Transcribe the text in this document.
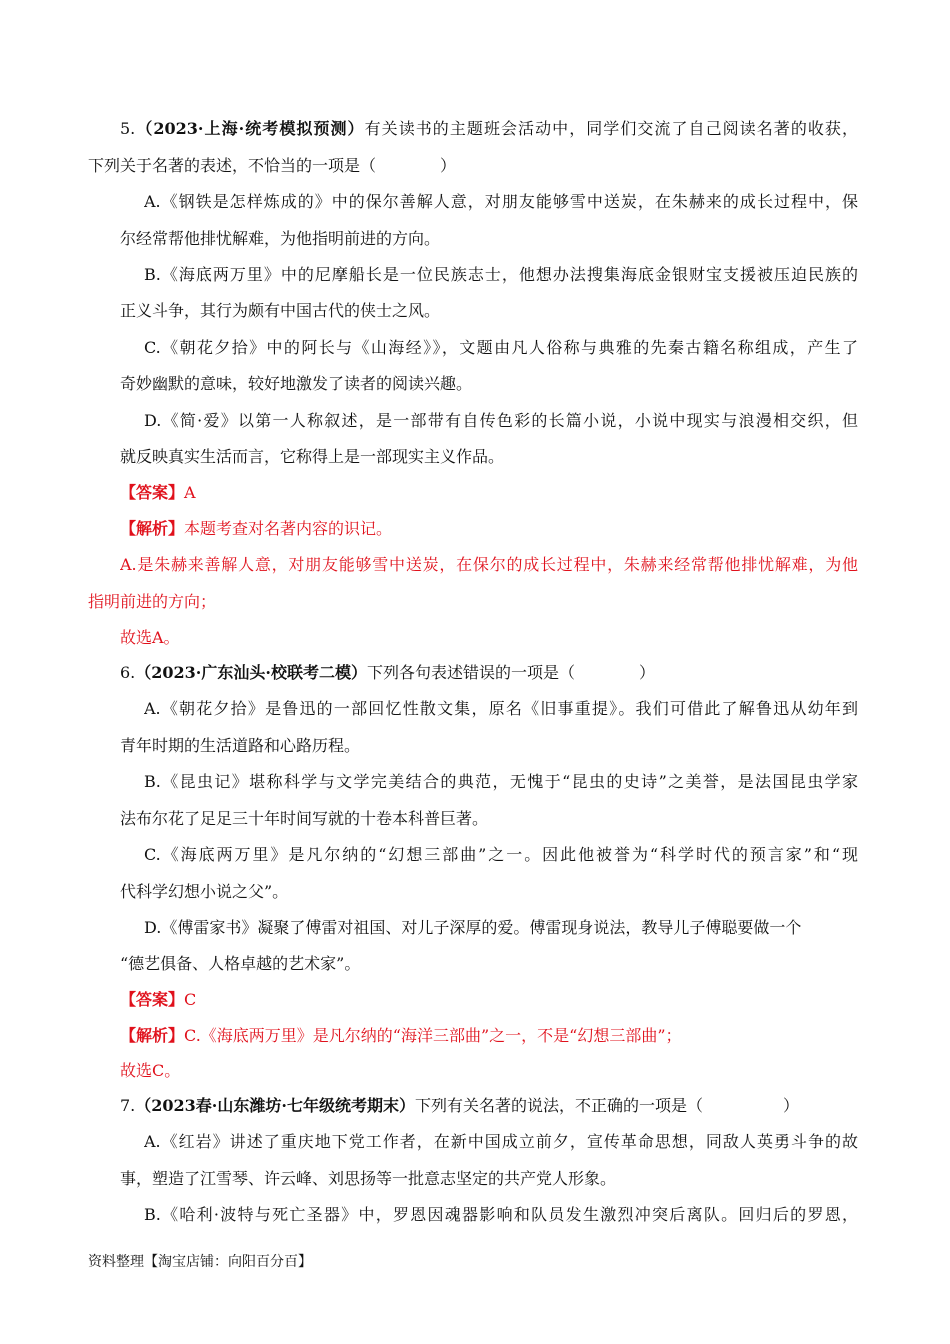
5.（2023·上海·统考模拟预测）有关读书的主题班会活动中，同学们交流了自己阅读名著的收获，
下列关于名著的表述，不恰当的一项是（　　　　）
A.《钢铁是怎样炼成的》中的保尔善解人意，对朋友能够雪中送炭，在朱赫来的成长过程中，保
尔经常帮他排忧解难，为他指明前进的方向。
B.《海底两万里》中的尼摩船长是一位民族志士，他想办法搜集海底金银财宝支援被压迫民族的
正义斗争，其行为颇有中国古代的侠士之风。
C.《朝花夕拾》中的阿长与《山海经》》，文题由凡人俗称与典雅的先秦古籍名称组成，产生了
奇妙幽默的意味，较好地激发了读者的阅读兴趣。
D.《简·爱》以第一人称叙述，是一部带有自传色彩的长篇小说，小说中现实与浪漫相交织，但
就反映真实生活而言，它称得上是一部现实主义作品。
【答案】A
【解析】本题考查对名著内容的识记。
A.是朱赫来善解人意，对朋友能够雪中送炭，在保尔的成长过程中，朱赫来经常帮他排忧解难，为他
指明前进的方向；
故选A。
6.（2023·广东汕头·校联考二模）下列各句表述错误的一项是（　　　　）
A.《朝花夕拾》是鲁迅的一部回忆性散文集，原名《旧事重提》。我们可借此了解鲁迅从幼年到
青年时期的生活道路和心路历程。
B.《昆虫记》堪称科学与文学完美结合的典范，无愧于“昆虫的史诗”之美誉，是法国昆虫学家
法布尔花了足足三十年时间写就的十卷本科普巨著。
C.《海底两万里》是凡尔纳的“幻想三部曲”之一。因此他被誉为“科学时代的预言家”和“现
代科学幻想小说之父”。
D.《傅雷家书》凝聚了傅雷对祖国、对儿子深厚的爱。傅雷现身说法，教导儿子傅聪要做一个
“德艺俱备、人格卓越的艺术家”。
【答案】C
【解析】C.《海底两万里》是凡尔纳的“海洋三部曲”之一，不是“幻想三部曲”；
故选C。
7.（2023春·山东潍坊·七年级统考期末）下列有关名著的说法，不正确的一项是（　　　　　）
A.《红岩》讲述了重庆地下党工作者，在新中国成立前夕，宣传革命思想，同敌人英勇斗争的故
事，塑造了江雪琴、许云峰、刘思扬等一批意志坚定的共产党人形象。
B.《哈利·波特与死亡圣器》中，罗恩因魂器影响和队员发生激烈冲突后离队。回归后的罗恩，
资料整理【淘宝店铺：向阳百分百】
